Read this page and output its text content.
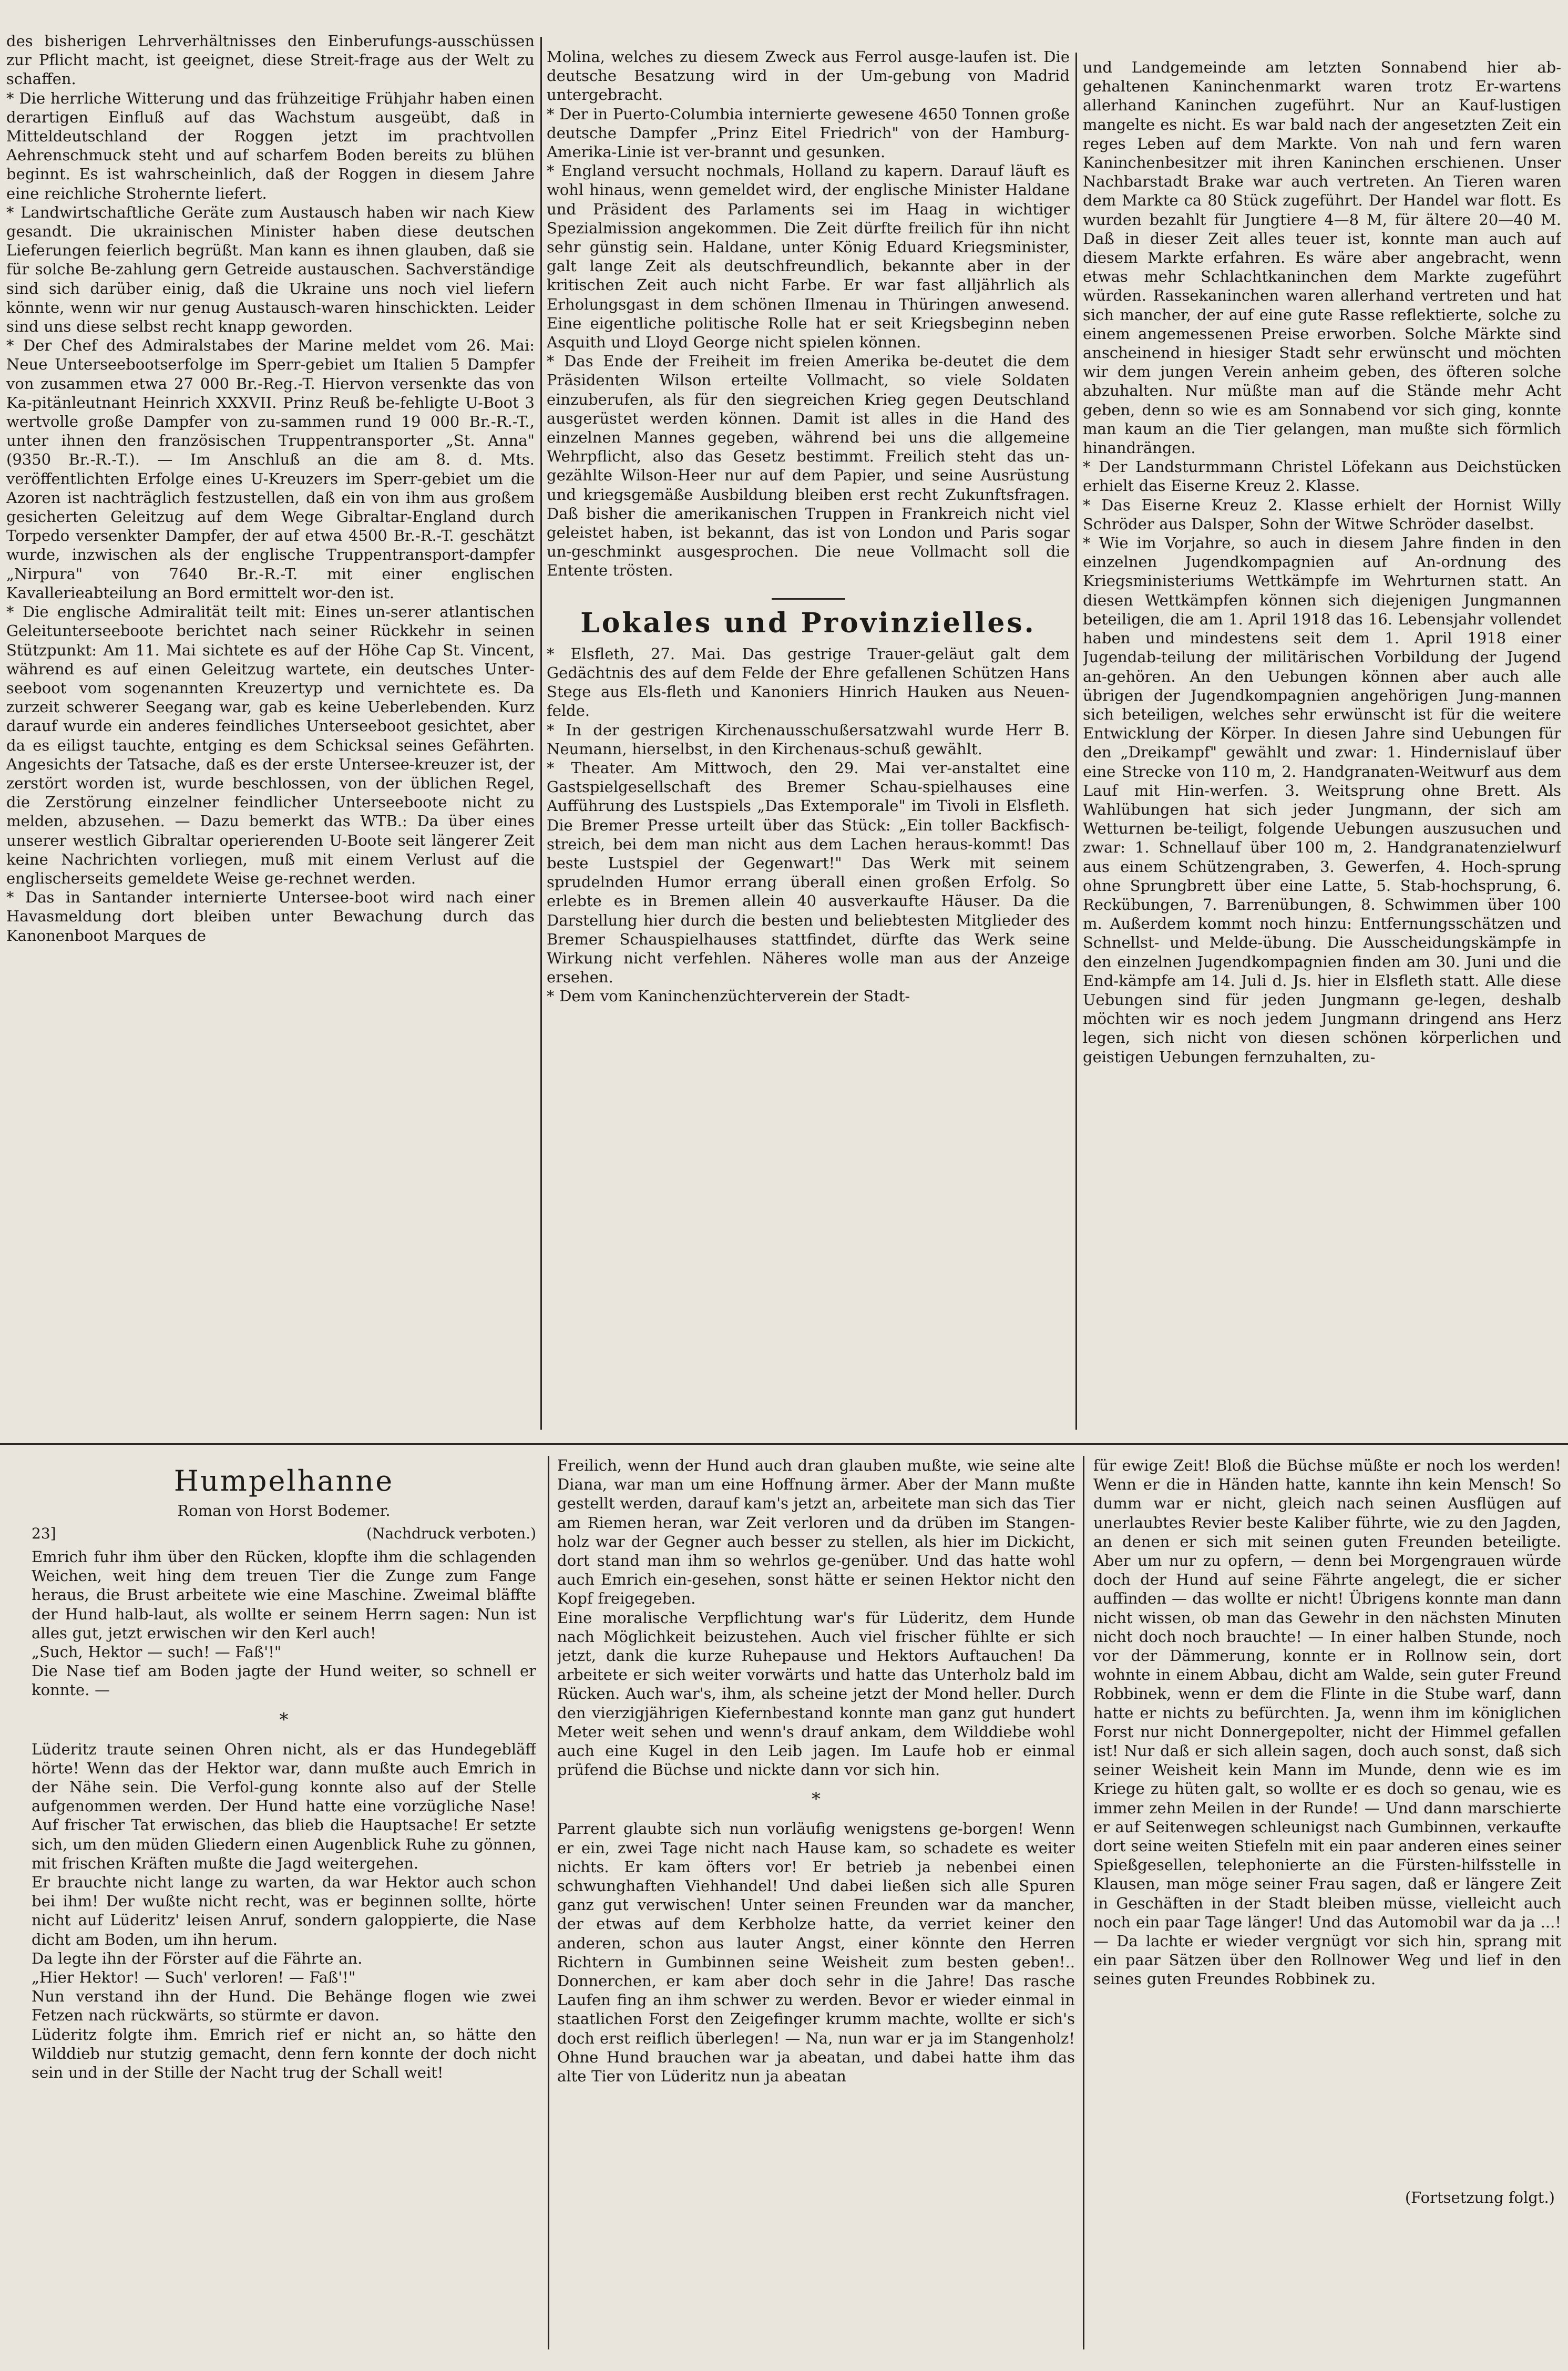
des bisherigen Lehrverhältnisses den Einberufungs-ausschüssen zur Pflicht macht, ist geeignet, diese Streit-frage aus der Welt zu schaffen.

* Die herrliche Witterung und das frühzeitige Frühjahr haben einen derartigen Einfluß auf das Wachstum ausgeübt, daß in Mitteldeutschland der Roggen jetzt im prachtvollen Aehrenschmuck steht und auf scharfem Boden bereits zu blühen beginnt. Es ist wahrscheinlich, daß der Roggen in diesem Jahre eine reichliche Strohernte liefert.

* Landwirtschaftliche Geräte zum Austausch haben wir nach Kiew gesandt. Die ukrainischen Minister haben diese deutschen Lieferungen feierlich begrüßt. Man kann es ihnen glauben, daß sie für solche Be-zahlung gern Getreide austauschen. Sachverständige sind sich darüber einig, daß die Ukraine uns noch viel liefern könnte, wenn wir nur genug Austausch-waren hinschickten. Leider sind uns diese selbst recht knapp geworden.

* Der Chef des Admiralstabes der Marine meldet vom 26. Mai: Neue Unterseebootserfolge im Sperr-gebiet um Italien 5 Dampfer von zusammen etwa 27 000 Br.-Reg.-T. Hiervon versenkte das von Ka-pitänleutnant Heinrich XXXVII. Prinz Reuß be-fehligte U-Boot 3 wertvolle große Dampfer von zu-sammen rund 19 000 Br.-R.-T., unter ihnen den französischen Truppentransporter „St. Anna" (9350 Br.-R.-T.). — Im Anschluß an die am 8. d. Mts. veröffentlichten Erfolge eines U-Kreuzers im Sperr-gebiet um die Azoren ist nachträglich festzustellen, daß ein von ihm aus großem gesicherten Geleitzug auf dem Wege Gibraltar-England durch Torpedo versenkter Dampfer, der auf etwa 4500 Br.-R.-T. geschätzt wurde, inzwischen als der englische Truppentransport-dampfer „Nirpura" von 7640 Br.-R.-T. mit einer englischen Kavallerieabteilung an Bord ermittelt wor-den ist.

* Die englische Admiralität teilt mit: Eines un-serer atlantischen Geleitunterseeboote berichtet nach seiner Rückkehr in seinen Stützpunkt: Am 11. Mai sichtete es auf der Höhe Cap St. Vincent, während es auf einen Geleitzug wartete, ein deutsches Unter-seeboot vom sogenannten Kreuzertyp und vernichtete es. Da zurzeit schwerer Seegang war, gab es keine Ueberlebenden. Kurz darauf wurde ein anderes feindliches Unterseeboot gesichtet, aber da es eiligst tauchte, entging es dem Schicksal seines Gefährten. Angesichts der Tatsache, daß es der erste Untersee-kreuzer ist, der zerstört worden ist, wurde beschlossen, von der üblichen Regel, die Zerstörung einzelner feindlicher Unterseeboote nicht zu melden, abzusehen. — Dazu bemerkt das WTB.: Da über eines unserer westlich Gibraltar operierenden U-Boote seit längerer Zeit keine Nachrichten vorliegen, muß mit einem Verlust auf die englischerseits gemeldete Weise ge-rechnet werden.

* Das in Santander internierte Untersee-boot wird nach einer Havasmeldung dort bleiben unter Bewachung durch das Kanonenboot Marques de

Molina, welches zu diesem Zweck aus Ferrol ausge-laufen ist. Die deutsche Besatzung wird in der Um-gebung von Madrid untergebracht.

* Der in Puerto-Columbia internierte gewesene 4650 Tonnen große deutsche Dampfer „Prinz Eitel Friedrich" von der Hamburg-Amerika-Linie ist ver-brannt und gesunken.

* England versucht nochmals, Holland zu kapern. Darauf läuft es wohl hinaus, wenn gemeldet wird, der englische Minister Haldane und Präsident des Parlaments sei im Haag in wichtiger Spezialmission angekommen. Die Zeit dürfte freilich für ihn nicht sehr günstig sein. Haldane, unter König Eduard Kriegsminister, galt lange Zeit als deutschfreundlich, bekannte aber in der kritischen Zeit auch nicht Farbe. Er war fast alljährlich als Erholungsgast in dem schönen Ilmenau in Thüringen anwesend. Eine eigentliche politische Rolle hat er seit Kriegsbeginn neben Asquith und Lloyd George nicht spielen können.

* Das Ende der Freiheit im freien Amerika be-deutet die dem Präsidenten Wilson erteilte Vollmacht, so viele Soldaten einzuberufen, als für den siegreichen Krieg gegen Deutschland ausgerüstet werden können. Damit ist alles in die Hand des einzelnen Mannes gegeben, während bei uns die allgemeine Wehrpflicht, also das Gesetz bestimmt. Freilich steht das un-gezählte Wilson-Heer nur auf dem Papier, und seine Ausrüstung und kriegsgemäße Ausbildung bleiben erst recht Zukunftsfragen. Daß bisher die amerikanischen Truppen in Frankreich nicht viel geleistet haben, ist bekannt, das ist von London und Paris sogar un-geschminkt ausgesprochen. Die neue Vollmacht soll die Entente trösten.

Lokales und Provinzielles.

* Elsfleth, 27. Mai. Das gestrige Trauer-geläut galt dem Gedächtnis des auf dem Felde der Ehre gefallenen Schützen Hans Stege aus Els-fleth und Kanoniers Hinrich Hauken aus Neuen-felde.

* In der gestrigen Kirchenausschußersatzwahl wurde Herr B. Neumann, hierselbst, in den Kirchenaus-schuß gewählt.

* Theater. Am Mittwoch, den 29. Mai ver-anstaltet eine Gastspielgesellschaft des Bremer Schau-spielhauses eine Aufführung des Lustspiels „Das Extemporale" im Tivoli in Elsfleth. Die Bremer Presse urteilt über das Stück: „Ein toller Backfisch-streich, bei dem man nicht aus dem Lachen heraus-kommt! Das beste Lustspiel der Gegenwart!" Das Werk mit seinem sprudelnden Humor errang überall einen großen Erfolg. So erlebte es in Bremen allein 40 ausverkaufte Häuser. Da die Darstellung hier durch die besten und beliebtesten Mitglieder des Bremer Schauspielhauses stattfindet, dürfte das Werk seine Wirkung nicht verfehlen. Näheres wolle man aus der Anzeige ersehen.

* Dem vom Kaninchenzüchterverein der Stadt-

und Landgemeinde am letzten Sonnabend hier ab-gehaltenen Kaninchenmarkt waren trotz Er-wartens allerhand Kaninchen zugeführt. Nur an Kauf-lustigen mangelte es nicht. Es war bald nach der angesetzten Zeit ein reges Leben auf dem Markte. Von nah und fern waren Kaninchenbesitzer mit ihren Kaninchen erschienen. Unser Nachbarstadt Brake war auch vertreten. An Tieren waren dem Markte ca 80 Stück zugeführt. Der Handel war flott. Es wurden bezahlt für Jungtiere 4—8 M, für ältere 20—40 M. Daß in dieser Zeit alles teuer ist, konnte man auch auf diesem Markte erfahren. Es wäre aber angebracht, wenn etwas mehr Schlachtkaninchen dem Markte zugeführt würden. Rassekaninchen waren allerhand vertreten und hat sich mancher, der auf eine gute Rasse reflektierte, solche zu einem angemessenen Preise erworben. Solche Märkte sind anscheinend in hiesiger Stadt sehr erwünscht und möchten wir dem jungen Verein anheim geben, des öfteren solche abzuhalten. Nur müßte man auf die Stände mehr Acht geben, denn so wie es am Sonnabend vor sich ging, konnte man kaum an die Tier gelangen, man mußte sich förmlich hinandrängen.

* Der Landsturmmann Christel Löfekann aus Deichstücken erhielt das Eiserne Kreuz 2. Klasse.

* Das Eiserne Kreuz 2. Klasse erhielt der Hornist Willy Schröder aus Dalsper, Sohn der Witwe Schröder daselbst.

* Wie im Vorjahre, so auch in diesem Jahre finden in den einzelnen Jugendkompagnien auf An-ordnung des Kriegsministeriums Wettkämpfe im Wehrturnen statt. An diesen Wettkämpfen können sich diejenigen Jungmannen beteiligen, die am 1. April 1918 das 16. Lebensjahr vollendet haben und mindestens seit dem 1. April 1918 einer Jugendab-teilung der militärischen Vorbildung der Jugend an-gehören. An den Uebungen können aber auch alle übrigen der Jugendkompagnien angehörigen Jung-mannen sich beteiligen, welches sehr erwünscht ist für die weitere Entwicklung der Körper. In diesen Jahre sind Uebungen für den „Dreikampf" gewählt und zwar: 1. Hindernislauf über eine Strecke von 110 m, 2. Handgranaten-Weitwurf aus dem Lauf mit Hin-werfen. 3. Weitsprung ohne Brett. Als Wahlübungen hat sich jeder Jungmann, der sich am Wetturnen be-teiligt, folgende Uebungen auszusuchen und zwar: 1. Schnellauf über 100 m, 2. Handgranatenzielwurf aus einem Schützengraben, 3. Gewerfen, 4. Hoch-sprung ohne Sprungbrett über eine Latte, 5. Stab-hochsprung, 6. Reckübungen, 7. Barrenübungen, 8. Schwimmen über 100 m. Außerdem kommt noch hinzu: Entfernungsschätzen und Schnellst- und Melde-übung. Die Ausscheidungskämpfe in den einzelnen Jugendkompagnien finden am 30. Juni und die End-kämpfe am 14. Juli d. Js. hier in Elsfleth statt. Alle diese Uebungen sind für jeden Jungmann ge-legen, deshalb möchten wir es noch jedem Jungmann dringend ans Herz legen, sich nicht von diesen schönen körperlichen und geistigen Uebungen fernzuhalten, zu-

Humpelhanne
Roman von Horst Bodemer.
23]	(Nachdruck verboten.)

Emrich fuhr ihm über den Rücken, klopfte ihm die schlagenden Weichen, weit hing dem treuen Tier die Zunge zum Fange heraus, die Brust arbeitete wie eine Maschine. Zweimal bläffte der Hund halb-laut, als wollte er seinem Herrn sagen: Nun ist alles gut, jetzt erwischen wir den Kerl auch!

„Such, Hektor — such! — Faß'!"

Die Nase tief am Boden jagte der Hund weiter, so schnell er konnte. —

*

Lüderitz traute seinen Ohren nicht, als er das Hundegebläff hörte! Wenn das der Hektor war, dann mußte auch Emrich in der Nähe sein. Die Verfol-gung konnte also auf der Stelle aufgenommen werden. Der Hund hatte eine vorzügliche Nase! Auf frischer Tat erwischen, das blieb die Hauptsache! Er setzte sich, um den müden Gliedern einen Augenblick Ruhe zu gönnen, mit frischen Kräften mußte die Jagd weitergehen.

Er brauchte nicht lange zu warten, da war Hektor auch schon bei ihm! Der wußte nicht recht, was er beginnen sollte, hörte nicht auf Lüderitz' leisen Anruf, sondern galoppierte, die Nase dicht am Boden, um ihn herum.

Da legte ihn der Förster auf die Fährte an.

„Hier Hektor! — Such' verloren! — Faß'!"

Nun verstand ihn der Hund. Die Behänge flogen wie zwei Fetzen nach rückwärts, so stürmte er davon.

Lüderitz folgte ihm. Emrich rief er nicht an, so hätte den Wilddieb nur stutzig gemacht, denn fern konnte der doch nicht sein und in der Stille der Nacht trug der Schall weit!

Freilich, wenn der Hund auch dran glauben mußte, wie seine alte Diana, war man um eine Hoffnung ärmer. Aber der Mann mußte gestellt werden, darauf kam's jetzt an, arbeitete man sich das Tier am Riemen heran, war Zeit verloren und da drüben im Stangen-holz war der Gegner auch besser zu stellen, als hier im Dickicht, dort stand man ihm so wehrlos ge-genüber. Und das hatte wohl auch Emrich ein-gesehen, sonst hätte er seinen Hektor nicht den Kopf freigegeben.

Eine moralische Verpflichtung war's für Lüderitz, dem Hunde nach Möglichkeit beizustehen. Auch viel frischer fühlte er sich jetzt, dank die kurze Ruhepause und Hektors Auftauchen! Da arbeitete er sich weiter vorwärts und hatte das Unterholz bald im Rücken. Auch war's, ihm, als scheine jetzt der Mond heller. Durch den vierzigjährigen Kiefernbestand konnte man ganz gut hundert Meter weit sehen und wenn's drauf ankam, dem Wilddiebe wohl auch eine Kugel in den Leib jagen. Im Laufe hob er einmal prüfend die Büchse und nickte dann vor sich hin.

*

Parrent glaubte sich nun vorläufig wenigstens ge-borgen! Wenn er ein, zwei Tage nicht nach Hause kam, so schadete es weiter nichts. Er kam öfters vor! Er betrieb ja nebenbei einen schwunghaften Viehhandel! Und dabei ließen sich alle Spuren ganz gut verwischen! Unter seinen Freunden war da mancher, der etwas auf dem Kerbholze hatte, da verriet keiner den anderen, schon aus lauter Angst, einer könnte den Herren Richtern in Gumbinnen seine Weisheit zum besten geben!.. Donnerchen, er kam aber doch sehr in die Jahre! Das rasche Laufen fing an ihm schwer zu werden. Bevor er wieder einmal in staatlichen Forst den Zeigefinger krumm machte, wollte er sich's doch erst reiflich überlegen! — Na, nun war er ja im Stangenholz! Ohne Hund brauchen war ja abeatan, und dabei hatte ihm das alte Tier von Lüderitz nun ja abeatan

für ewige Zeit! Bloß die Büchse müßte er noch los werden! Wenn er die in Händen hatte, kannte ihn kein Mensch! So dumm war er nicht, gleich nach seinen Ausflügen auf unerlaubtes Revier beste Kaliber führte, wie zu den Jagden, an denen er sich mit seinen guten Freunden beteiligte. Aber um nur zu opfern, — denn bei Morgengrauen würde doch der Hund auf seine Fährte angelegt, die er sicher auffinden — das wollte er nicht! Übrigens konnte man dann nicht wissen, ob man das Gewehr in den nächsten Minuten nicht doch noch brauchte! — In einer halben Stunde, noch vor der Dämmerung, konnte er in Rollnow sein, dort wohnte in einem Abbau, dicht am Walde, sein guter Freund Robbinek, wenn er dem die Flinte in die Stube warf, dann hatte er nichts zu befürchten. Ja, wenn ihm im königlichen Forst nur nicht Donnergepolter, nicht der Himmel gefallen ist! Nur daß er sich allein sagen, doch auch sonst, daß sich seiner Weisheit kein Mann im Munde, denn wie es im Kriege zu hüten galt, so wollte er es doch so genau, wie es immer zehn Meilen in der Runde! — Und dann marschierte er auf Seitenwegen schleunigst nach Gumbinnen, verkaufte dort seine weiten Stiefeln mit ein paar anderen eines seiner Spießgesellen, telephonierte an die Fürsten-hilfsstelle in Klausen, man möge seiner Frau sagen, daß er längere Zeit in Geschäften in der Stadt bleiben müsse, vielleicht auch noch ein paar Tage länger! Und das Automobil war da ja ...! — Da lachte er wieder vergnügt vor sich hin, sprang mit ein paar Sätzen über den Rollnower Weg und lief in den seines guten Freundes Robbinek zu.

(Fortsetzung folgt.)
